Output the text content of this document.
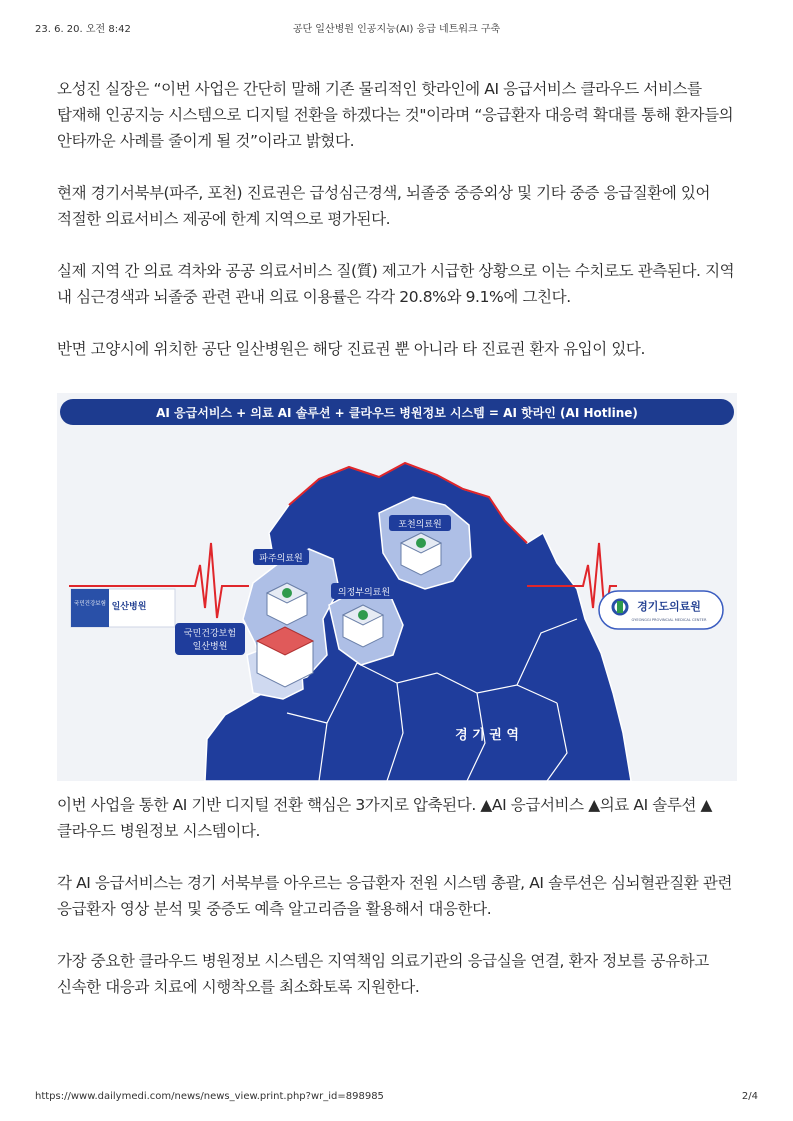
23. 6. 20. 오전 8:42	공단 일산병원 인공지능(AI) 응급 네트워크 구축

오성진 실장은 “이번 사업은 간단히 말해 기존 물리적인 핫라인에 AI 응급서비스 클라우드 서비스를 탑재해 인공지능 시스템으로 디지털 전환을 하겠다는 것"이라며 “응급환자 대응력 확대를 통해 환자들의 안타까운 사례를 줄이게 될 것”이라고 밝혔다.

현재 경기서북부(파주, 포천) 진료권은 급성심근경색, 뇌졸중 중증외상 및 기타 중증 응급질환에 있어 적절한 의료서비스 제공에 한계 지역으로 평가된다.

실제 지역 간 의료 격차와 공공 의료서비스 질(質) 제고가 시급한 상황으로 이는 수치로도 관측된다. 지역 내 심근경색과 뇌졸중 관련 관내 의료 이용률은 각각 20.8%와 9.1%에 그친다.

반면 고양시에 위치한 공단 일산병원은 해당 진료권 뿐 아니라 타 진료권 환자 유입이 있다.

AI 응급서비스 + 의료 AI 솔루션 + 클라우드 병원정보 시스템 = AI 핫라인 (AI Hotline)
국민건강보험 일산병원	경기도의료원
GYEONGGI PROVINCIAL MEDICAL CENTER
파주의료원
포천의료원
의정부의료원
국민건강보험
일산병원
경 기 권 역

이번 사업을 통한 AI 기반 디지털 전환 핵심은 3가지로 압축된다. ▲AI 응급서비스 ▲의료 AI 솔루션 ▲클라우드 병원정보 시스템이다.

각 AI 응급서비스는 경기 서북부를 아우르는 응급환자 전원 시스템 총괄, AI 솔루션은 심뇌혈관질환 관련 응급환자 영상 분석 및 중증도 예측 알고리즘을 활용해서 대응한다.

가장 중요한 클라우드 병원정보 시스템은 지역책임 의료기관의 응급실을 연결, 환자 정보를 공유하고 신속한 대응과 치료에 시행착오를 최소화토록 지원한다.

https://www.dailymedi.com/news/news_view.print.php?wr_id=898985	2/4
